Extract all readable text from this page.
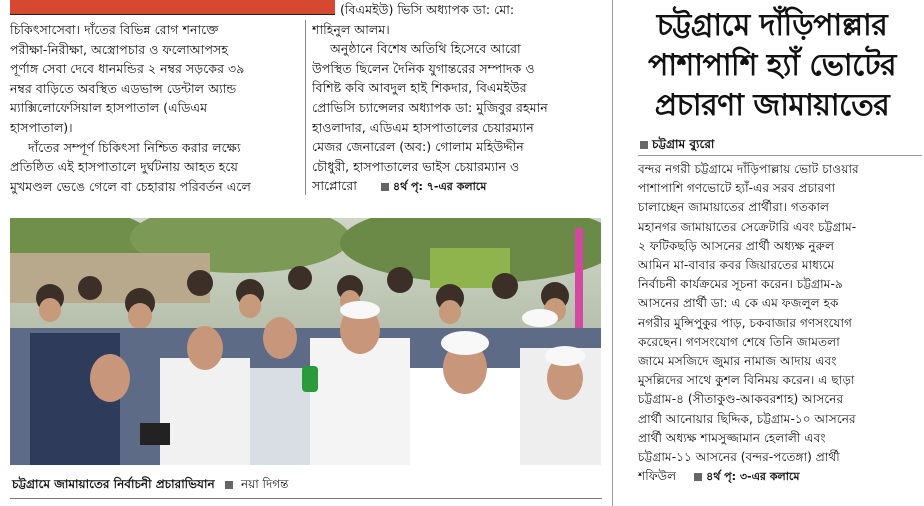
চিকিৎসাসেবা। দাঁতের বিভিন্ন রোগ শনাক্তে
পরীক্ষা-নিরীক্ষা, অস্ত্রোপচার ও ফলোআপসহ
পূর্ণাঙ্গ সেবা দেবে ধানমন্ডির ২ নম্বর সড়কের ৩৯
নম্বর বাড়িতে অবস্থিত এডভান্স ডেন্টাল অ্যান্ড
ম্যাক্সিলোফেসিয়াল হাসপাতাল (এডিএম
হাসপাতাল)।
দাঁতের সম্পূর্ণ চিকিৎসা নিশ্চিত করার লক্ষ্যে
প্রতিষ্ঠিত এই হাসপাতালে দুর্ঘটনায় আহত হয়ে
মুখমণ্ডল ভেঙে গেলে বা চেহারায় পরিবর্তন এলে
(বিএমইউ) ভিসি অধ্যাপক ডা: মো:
শাহিনুল আলম।
অনুষ্ঠানে বিশেষ অতিথি হিসেবে আরো
উপস্থিত ছিলেন দৈনিক যুগান্তরের সম্পাদক ও
বিশিষ্ট কবি আবদুল হাই শিকদার, বিএমইউর
প্রোভিসি চ্যান্সেলর অধ্যাপক ডা: মুজিবুর রহমান
হাওলাদার, এডিএম হাসপাতালের চেয়ারম্যান
মেজর জেনারেল (অব:) গোলাম মহিউদ্দীন
চৌধুরী, হাসপাতালের ভাইস চেয়ারম্যান ও
সাপ্লোরো	৪র্থ পৃ: ৭-এর কলামে
চট্টগ্রামে জামায়াতের নির্বাচনী প্রচারাভিযান নয়া দিগন্ত
চট্টগ্রামে দাঁড়িপাল্লার
পাশাপাশি হ্যাঁ ভোটের
প্রচারণা জামায়াতের
চট্টগ্রাম ব্যুরো
বন্দর নগরী চট্টগ্রামে দাঁড়িপাল্লায় ভোট চাওয়ার
পাশাপাশি গণভোটে হ্যাঁ-এর সরব প্রচারণা
চালাচ্ছেন জামায়াতের প্রার্থীরা। গতকাল
মহানগর জামায়াতের সেক্রেটারি এবং চট্টগ্রাম-
২ ফটিকছড়ি আসনের প্রার্থী অধ্যক্ষ নুরুল
আমিন মা-বাবার কবর জিয়ারতের মাধ্যমে
নির্বাচনী কার্যক্রমের সূচনা করেন। চট্টগ্রাম-৯
আসনের প্রার্থী ডা: এ কে এম ফজলুল হক
নগরীর মুন্সিপুকুর পাড়, চকবাজার গণসংযোগ
করেছেন। গণসংযোগ শেষে তিনি জামতলা
জামে মসজিদে জুমার নামাজ আদায় এবং
মুসল্লিদের সাথে কুশল বিনিময় করেন। এ ছাড়া
চট্টগ্রাম-৪ (সীতাকুণ্ড-আকবরশাহ) আসনের
প্রার্থী আনোয়ার ছিদ্দিক, চট্টগ্রাম-১০ আসনের
প্রার্থী অধ্যক্ষ শামসুজ্জামান হেলালী এবং
চট্টগ্রাম-১১ আসনের (বন্দর-পতেঙ্গা) প্রার্থী
শফিউল	৪র্থ পৃ: ৩-এর কলামে
